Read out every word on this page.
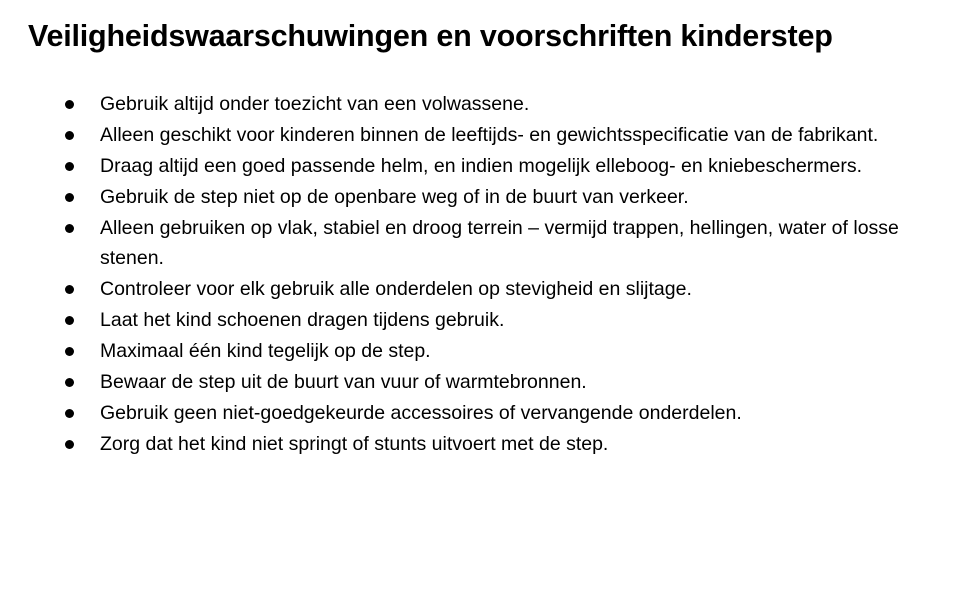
Veiligheidswaarschuwingen en voorschriften kinderstep
Gebruik altijd onder toezicht van een volwassene.
Alleen geschikt voor kinderen binnen de leeftijds- en gewichtsspecificatie van de fabrikant.
Draag altijd een goed passende helm, en indien mogelijk elleboog- en kniebeschermers.
Gebruik de step niet op de openbare weg of in de buurt van verkeer.
Alleen gebruiken op vlak, stabiel en droog terrein – vermijd trappen, hellingen, water of losse stenen.
Controleer voor elk gebruik alle onderdelen op stevigheid en slijtage.
Laat het kind schoenen dragen tijdens gebruik.
Maximaal één kind tegelijk op de step.
Bewaar de step uit de buurt van vuur of warmtebronnen.
Gebruik geen niet-goedgekeurde accessoires of vervangende onderdelen.
Zorg dat het kind niet springt of stunts uitvoert met de step.
